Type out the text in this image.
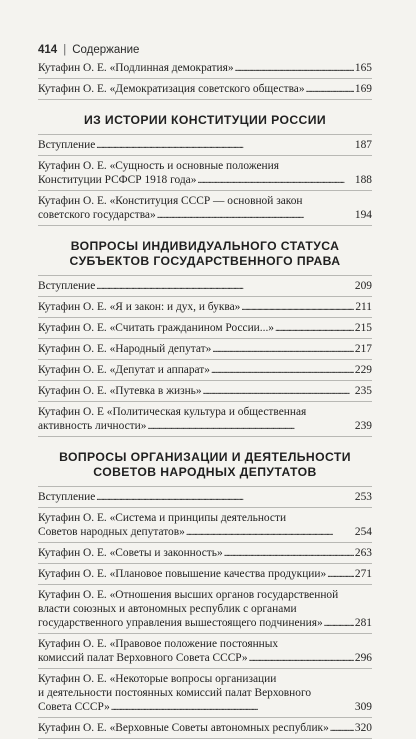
414 | Содержание
Кутафин О. Е. «Подлинная демократия» . . .	165
Кутафин О. Е. «Демократизация советского общества» . . .	169
ИЗ ИСТОРИИ КОНСТИТУЦИИ РОССИИ
Вступление . . .	187
Кутафин О. Е. «Сущность и основные положения
Конституции РСФСР 1918 года» . . .	188
Кутафин О. Е. «Конституция СССР — основной закон
советского государства» . . .	194
ВОПРОСЫ ИНДИВИДУАЛЬНОГО СТАТУСА
СУБЪЕКТОВ ГОСУДАРСТВЕННОГО ПРАВА
Вступление . . .	209
Кутафин О. Е. «Я и закон: и дух, и буква» . . .	211
Кутафин О. Е. «Считать гражданином России...» . . .	215
Кутафин О. Е. «Народный депутат» . . .	217
Кутафин О. Е. «Депутат и аппарат» . . .	229
Кутафин О. Е. «Путевка в жизнь» . . .	235
Кутафин О. Е «Политическая культура и общественная
активность личности» . . .	239
ВОПРОСЫ ОРГАНИЗАЦИИ И ДЕЯТЕЛЬНОСТИ
СОВЕТОВ НАРОДНЫХ ДЕПУТАТОВ
Вступление . . .	253
Кутафин О. Е. «Система и принципы деятельности
Советов народных депутатов» . . .	254
Кутафин О. Е. «Советы и законность» . . .	263
Кутафин О. Е. «Плановое повышение качества продукции» . . .	271
Кутафин О. Е. «Отношения высших органов государственной
власти союзных и автономных республик с органами
государственного управления вышестоящего подчинения» . . .	281
Кутафин О. Е. «Правовое положение постоянных
комиссий палат Верховного Совета СССР» . . .	296
Кутафин О. Е. «Некоторые вопросы организации
и деятельности постоянных комиссий палат Верховного
Совета СССР» . . .	309
Кутафин О. Е. «Верховные Советы автономных республик» . . . 320
